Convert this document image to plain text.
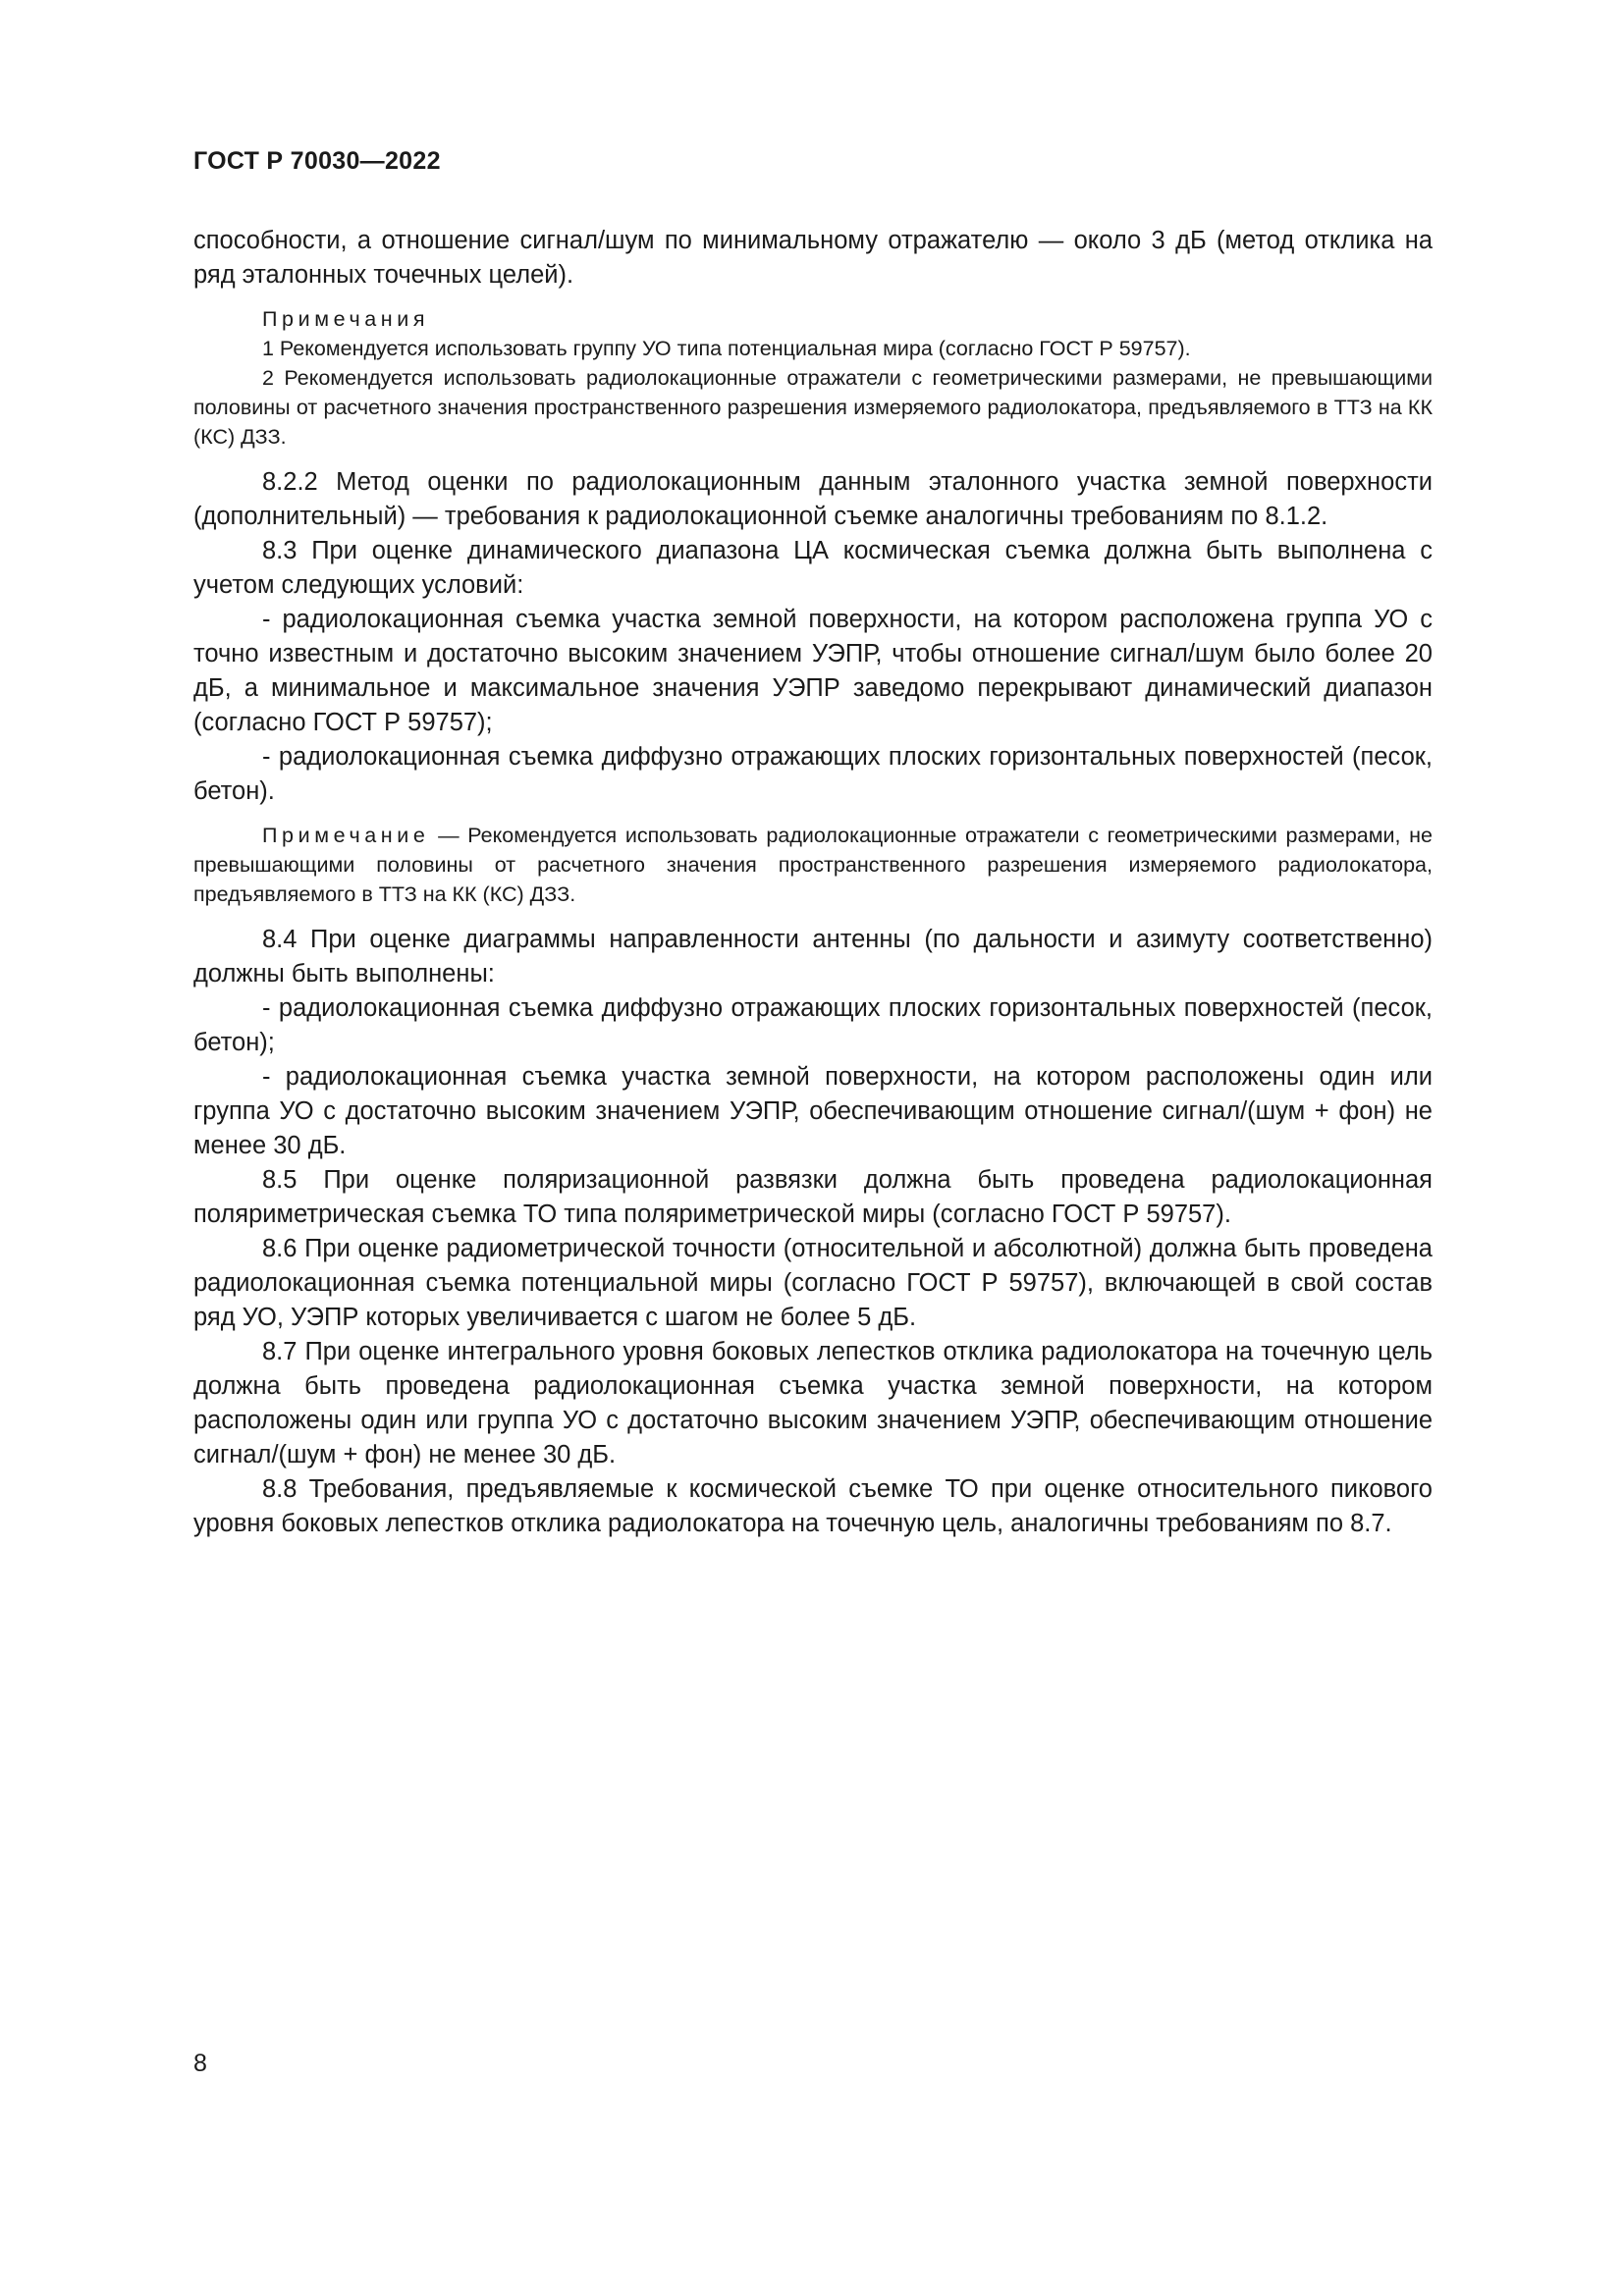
ГОСТ Р 70030—2022

способности, а отношение сигнал/шум по минимальному отражателю — около 3 дБ (метод отклика на ряд эталонных точечных целей).

Примечания

1 Рекомендуется использовать группу УО типа потенциальная мира (согласно ГОСТ Р 59757).

2 Рекомендуется использовать радиолокационные отражатели с геометрическими размерами, не превышающими половины от расчетного значения пространственного разрешения измеряемого радиолокатора, предъявляемого в ТТЗ на КК (КС) ДЗЗ.

8.2.2 Метод оценки по радиолокационным данным эталонного участка земной поверхности (дополнительный) — требования к радиолокационной съемке аналогичны требованиям по 8.1.2.

8.3 При оценке динамического диапазона ЦА космическая съемка должна быть выполнена с учетом следующих условий:

- радиолокационная съемка участка земной поверхности, на котором расположена группа УО с точно известным и достаточно высоким значением УЭПР, чтобы отношение сигнал/шум было более 20 дБ, а минимальное и максимальное значения УЭПР заведомо перекрывают динамический диапазон (согласно ГОСТ Р 59757);

- радиолокационная съемка диффузно отражающих плоских горизонтальных поверхностей (песок, бетон).

Примечание — Рекомендуется использовать радиолокационные отражатели с геометрическими размерами, не превышающими половины от расчетного значения пространственного разрешения измеряемого радиолокатора, предъявляемого в ТТЗ на КК (КС) ДЗЗ.

8.4 При оценке диаграммы направленности антенны (по дальности и азимуту соответственно) должны быть выполнены:

- радиолокационная съемка диффузно отражающих плоских горизонтальных поверхностей (песок, бетон);

- радиолокационная съемка участка земной поверхности, на котором расположены один или группа УО с достаточно высоким значением УЭПР, обеспечивающим отношение сигнал/(шум + фон) не менее 30 дБ.

8.5 При оценке поляризационной развязки должна быть проведена радиолокационная поляриметрическая съемка ТО типа поляриметрической миры (согласно ГОСТ Р 59757).

8.6 При оценке радиометрической точности (относительной и абсолютной) должна быть проведена радиолокационная съемка потенциальной миры (согласно ГОСТ Р 59757), включающей в свой состав ряд УО, УЭПР которых увеличивается с шагом не более 5 дБ.

8.7 При оценке интегрального уровня боковых лепестков отклика радиолокатора на точечную цель должна быть проведена радиолокационная съемка участка земной поверхности, на котором расположены один или группа УО с достаточно высоким значением УЭПР, обеспечивающим отношение сигнал/(шум + фон) не менее 30 дБ.

8.8 Требования, предъявляемые к космической съемке ТО при оценке относительного пикового уровня боковых лепестков отклика радиолокатора на точечную цель, аналогичны требованиям по 8.7.

8
